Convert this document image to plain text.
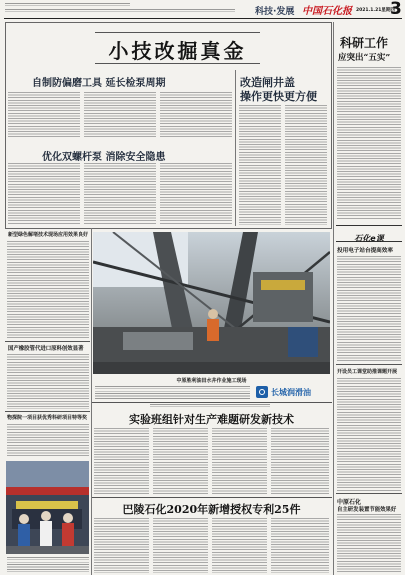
科技·发展 中国石化报 2021.1.21星期四
3
小技改掘真金
自制防偏磨工具 延长检泵周期	改造闸井盖
操作更快更方便
优化双螺杆泵 消除安全隐患
科研工作
应突出“五实”
石化e课
投用电子站台提高效率
开设员工课堂助推课题开展
中原石化
自主研发装置节能效果好
新型绿色解堵技术现场应用效果良好
国产橡胶管代进口原料创效显著
物探院一项目获优秀科研项目特等奖
中原胜利油田水井作业施工现场
长城润滑油
实验班组针对生产难题研发新技术
巴陵石化2020年新增授权专利25件
